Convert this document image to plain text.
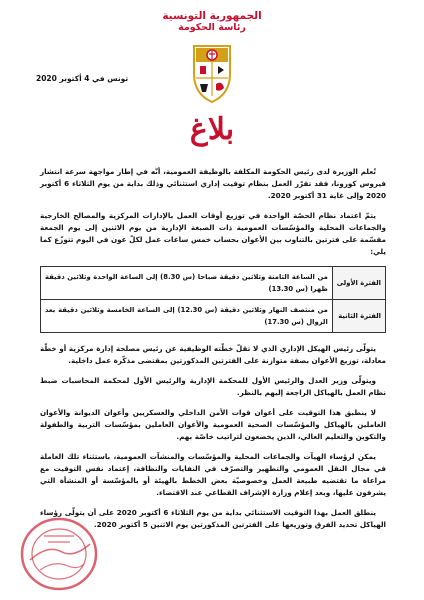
الجمهورية التونسية
رئاسة الحكومة
تونس في 4 أكتوبر 2020
بلاغ

تُعلم الوزيرة لدى رئيس الحكومة المكلفة بالوظيفة العمومية، أنّه في إطار مواجهة سرعة انتشار فيروس كورونا، فقد تقرّر العمل بنظام توقيت إداري استثنائي وذلك بداية من يوم الثلاثاء 6 أكتوبر 2020 وإلى غاية 31 أكتوبر 2020.

يتمّ اعتماد نظام الحصّة الواحدة في توزيع أوقات العمل بالإدارات المركزية والمصالح الخارجية والجماعات المحلية والمؤسّسات العمومية ذات الصبغة الإدارية من يوم الاثنين إلى يوم الجمعة مقسّمة على فترتين بالتناوب بين الأعوان بحساب خمس ساعات عمل لكلّ عون في اليوم تتوزّع كما يلي:

الفترة الأولى	من الساعة الثامنة وثلاثين دقيقة صباحا (س 8.30) إلى الساعة الواحدة وثلاثين دقيقة ظهرا (س 13.30)
الفترة الثانية	من منتصف النهار وثلاثين دقيقة (س 12.30) إلى الساعة الخامسة وثلاثين دقيقة بعد الزوال (س 17.30)

يتولّى رئيس الهيكل الإداري الذي لا تقلّ خطّته الوظيفية عن رئيس مصلحة إدارة مركزية أو خطّة معادلة، توزيع الأعوان بصفة متوازنة على الفترتين المذكورتين بمقتضى مذكّرة عمل داخلية.

ويتولّى وزير العدل والرئيس الأول للمحكمة الإدارية والرئيس الأول لمحكمة المحاسبات ضبط نظام العمل بالهياكل الراجعة إليهم بالنظر.

لا ينطبق هذا التوقيت على أعوان قوات الأمن الداخلي والعسكريين وأعوان الديوانة والأعوان العاملين بالهياكل والمؤسّسات الصحية العمومية والأعوان العاملين بمؤسّسات التربية والطفولة والتكوين والتعليم العالي، الذين يخضعون لتراتيب خاصّة بهم.

يمكن لرؤساء الهيآت والجماعات المحلية والمؤسّسات والمنشآت العمومية، باستثناء تلك العاملة في مجال النقل العمومي والتطهير والتصرّف في النفايات والنظافة، إعتماد نفس التوقيت مع مراعاة ما تقتضيه طبيعة العمل وخصوصيّة بعض الخطط بالهيئة أو بالمؤسّسة أو المنشأة التي يشرفون عليها، وبعد إعلام وزارة الإشراف القطاعي عند الاقتضاء.

ينطلق العمل بهذا التوقيت الاستثنائي بداية من يوم الثلاثاء 6 أكتوبر 2020 على أن يتولّى رؤساء الهياكل تحديد الفرق وتوزيعها على الفترتين المذكورتين يوم الاثنين 5 أكتوبر 2020.
